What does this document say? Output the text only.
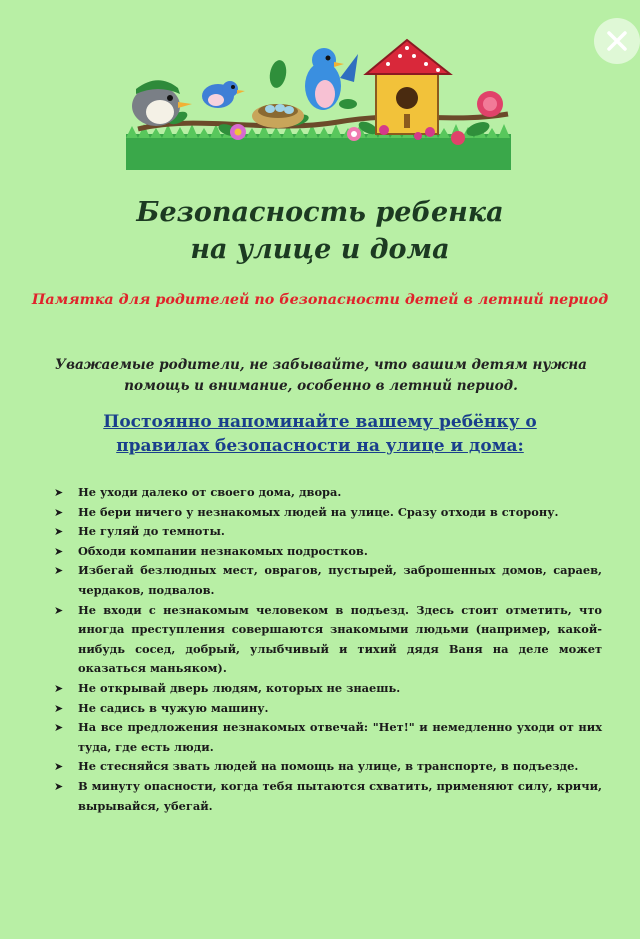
Безопасность ребенка
на улице и дома
Памятка для родителей по безопасности детей в летний период
Уважаемые родители, не забывайте, что вашим детям нужна помощь и внимание, особенно в летний период.
Постоянно напоминайте вашему ребёнку о правилах безопасности на улице и дома:
➤ Не уходи далеко от своего дома, двора.
➤ Не бери ничего у незнакомых людей на улице. Сразу отходи в сторону.
➤ Не гуляй до темноты.
➤ Обходи компании незнакомых подростков.
➤ Избегай безлюдных мест, оврагов, пустырей, заброшенных домов, сараев, чердаков, подвалов.
➤ Не входи с незнакомым человеком в подъезд. Здесь стоит отметить, что иногда преступления совершаются знакомыми людьми (например, какой-нибудь сосед, добрый, улыбчивый и тихий дядя Ваня на деле может оказаться маньяком).
➤ Не открывай дверь людям, которых не знаешь.
➤ Не садись в чужую машину.
➤ На все предложения незнакомых отвечай: "Нет!" и немедленно уходи от них туда, где есть люди.
➤ Не стесняйся звать людей на помощь на улице, в транспорте, в подъезде.
➤ В минуту опасности, когда тебя пытаются схватить, применяют силу, кричи, вырывайся, убегай.
